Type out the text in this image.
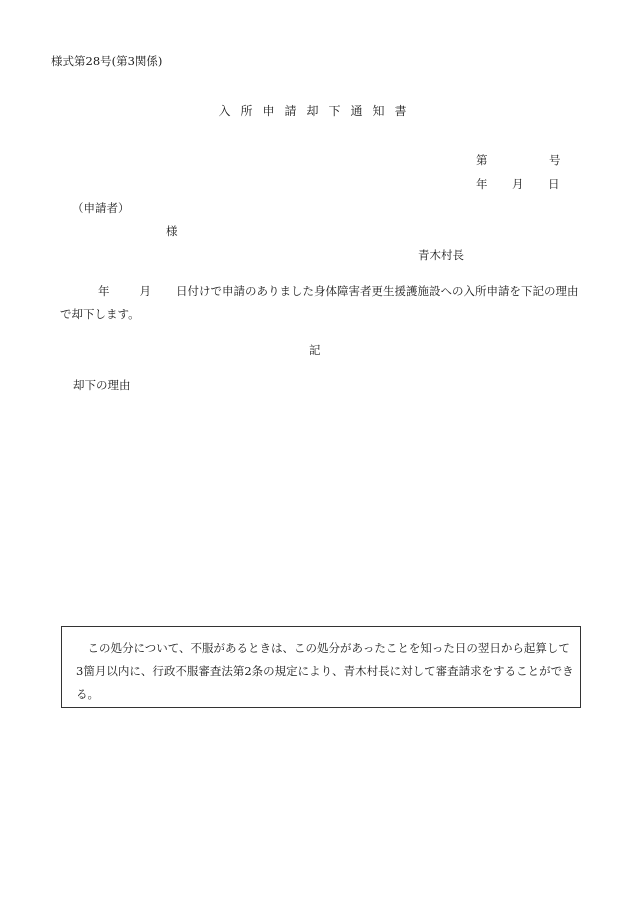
様式第28号(第3関係)
入所申請却下通知書
第	号
年 月 日
（申請者）
様
青木村長
年	月 日付けで申請のありました身体障害者更生援護施設への入所申請を下記の理由
で却下します。
記
却下の理由

この処分について、不服があるときは、この処分があったことを知った日の翌日から起算して3箇月以内に、行政不服審査法第2条の規定により、青木村長に対して審査請求をすることができる。
